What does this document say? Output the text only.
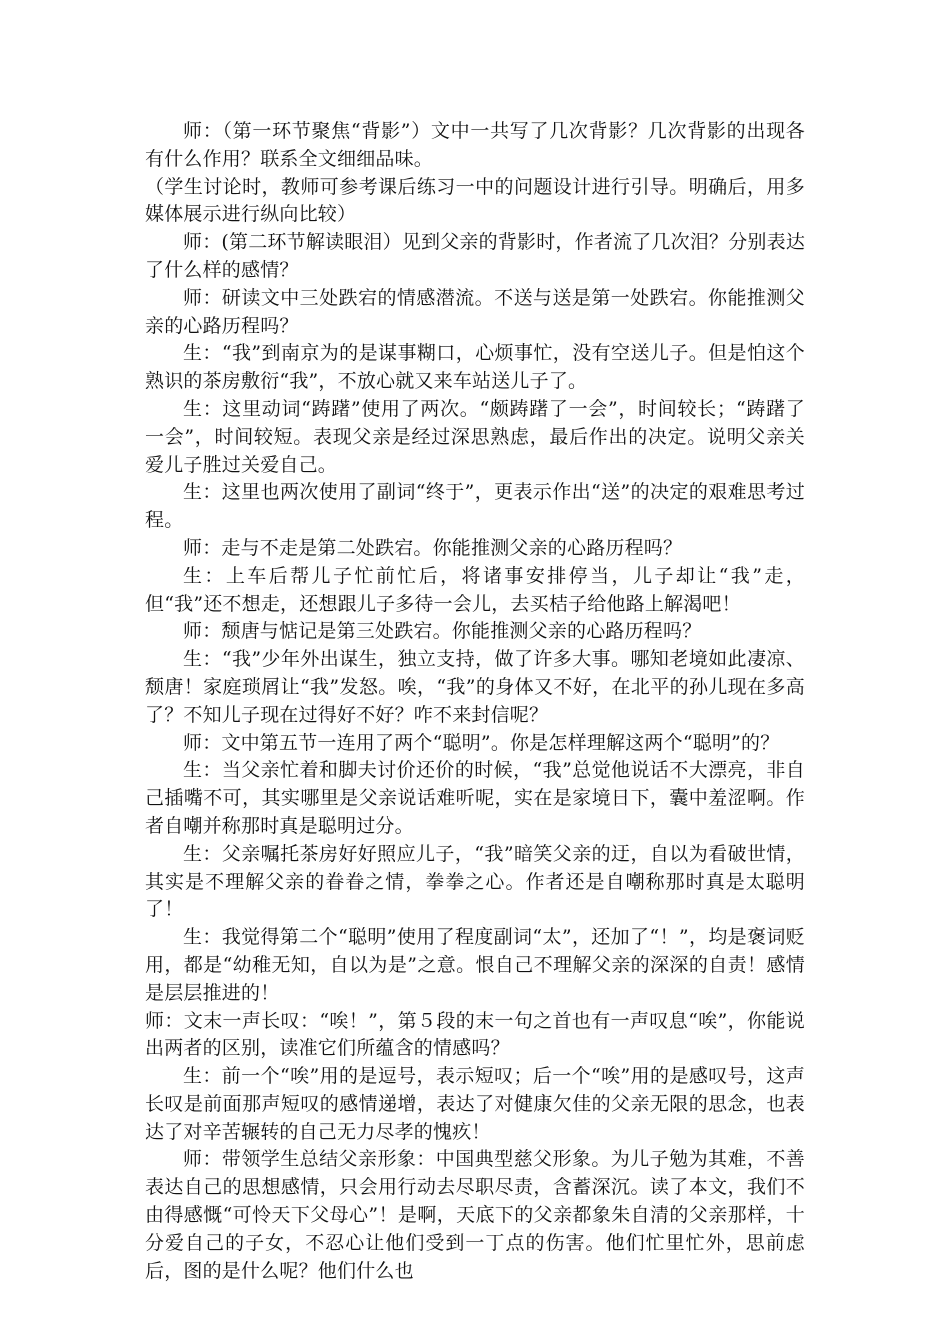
师：（第一环节聚焦“背影”）文中一共写了几次背影？几次背影的出现各有什么作用？联系全文细细品味。

（学生讨论时，教师可参考课后练习一中的问题设计进行引导。明确后，用多媒体展示进行纵向比较）

师：(第二环节解读眼泪）见到父亲的背影时，作者流了几次泪？分别表达了什么样的感情？

师：研读文中三处跌宕的情感潜流。不送与送是第一处跌宕。你能推测父亲的心路历程吗？

生：“我”到南京为的是谋事糊口，心烦事忙，没有空送儿子。但是怕这个熟识的茶房敷衍“我”，不放心就又来车站送儿子了。

生：这里动词“踌躇”使用了两次。“颇踌躇了一会”，时间较长；“踌躇了一会”，时间较短。表现父亲是经过深思熟虑，最后作出的决定。说明父亲关爱儿子胜过关爱自己。

生：这里也两次使用了副词“终于”，更表示作出“送”的决定的艰难思考过程。

师：走与不走是第二处跌宕。你能推测父亲的心路历程吗？

生：上车后帮儿子忙前忙后，将诸事安排停当，儿子却让“我”走，但“我”还不想走，还想跟儿子多待一会儿，去买桔子给他路上解渴吧！

师：颓唐与惦记是第三处跌宕。你能推测父亲的心路历程吗？

生：“我”少年外出谋生，独立支持，做了许多大事。哪知老境如此凄凉、颓唐！家庭琐屑让“我”发怒。唉，“我”的身体又不好，在北平的孙儿现在多高了？不知儿子现在过得好不好？咋不来封信呢？

师：文中第五节一连用了两个“聪明”。你是怎样理解这两个“聪明”的？

生：当父亲忙着和脚夫讨价还价的时候，“我”总觉他说话不大漂亮，非自己插嘴不可，其实哪里是父亲说话难听呢，实在是家境日下，囊中羞涩啊。作者自嘲并称那时真是聪明过分。

生：父亲嘱托茶房好好照应儿子，“我”暗笑父亲的迂，自以为看破世情，其实是不理解父亲的眷眷之情，拳拳之心。作者还是自嘲称那时真是太聪明了！

生：我觉得第二个“聪明”使用了程度副词“太”，还加了“！”，均是褒词贬用，都是“幼稚无知，自以为是”之意。恨自己不理解父亲的深深的自责！感情是层层推进的！

师：文末一声长叹：“唉！”，第５段的末一句之首也有一声叹息“唉”，你能说出两者的区别，读准它们所蕴含的情感吗？

生：前一个“唉”用的是逗号，表示短叹；后一个“唉”用的是感叹号，这声长叹是前面那声短叹的感情递增，表达了对健康欠佳的父亲无限的思念，也表达了对辛苦辗转的自己无力尽孝的愧疚！

师：带领学生总结父亲形象：中国典型慈父形象。为儿子勉为其难，不善表达自己的思想感情，只会用行动去尽职尽责，含蓄深沉。读了本文，我们不由得感慨“可怜天下父母心”！是啊，天底下的父亲都象朱自清的父亲那样，十分爱自己的子女，不忍心让他们受到一丁点的伤害。他们忙里忙外，思前虑后，图的是什么呢？他们什么也
